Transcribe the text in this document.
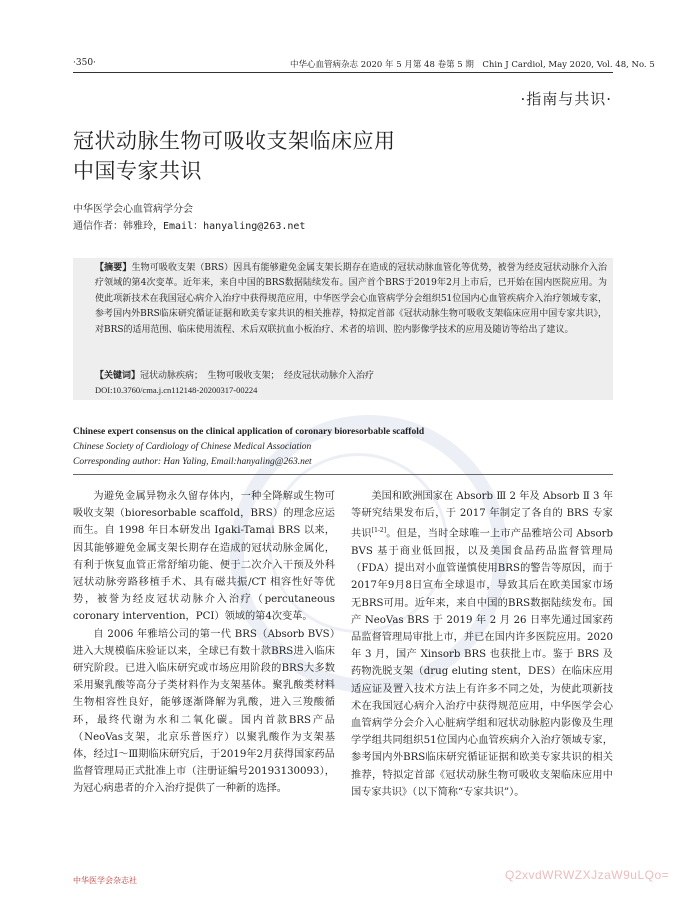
·350·	中华心血管病杂志 2020 年 5 月第 48 卷第 5 期　Chin J Cardiol, May 2020, Vol. 48, No. 5
·指南与共识·
冠状动脉生物可吸收支架临床应用
中国专家共识
中华医学会心血管病学分会
通信作者：韩雅玲，Email：hanyaling@263.net
【摘要】生物可吸收支架（BRS）因具有能够避免金属支架长期存在造成的冠状动脉血管化等优势，被誉为经皮冠状动脉介入治疗领域的第4次变革。近年来，来自中国的BRS数据陆续发布。国产首个BRS于2019年2月上市后，已开始在国内医院应用。为使此项新技术在我国冠心病介入治疗中获得规范应用，中华医学会心血管病学分会组织51位国内心血管疾病介入治疗领域专家，参考国内外BRS临床研究循证证据和欧美专家共识的相关推荐，特拟定首部《冠状动脉生物可吸收支架临床应用中国专家共识》，对BRS的适用范围、临床使用流程、术后双联抗血小板治疗、术者的培训、腔内影像学技术的应用及随访等给出了建议。
【关键词】冠状动脉疾病；　生物可吸收支架；　经皮冠状动脉介入治疗
DOI:10.3760/cma.j.cn112148-20200317-00224
Chinese expert consensus on the clinical application of coronary bioresorbable scaffold
Chinese Society of Cardiology of Chinese Medical Association
Corresponding author: Han Yaling, Email:hanyaling@263.net

为避免金属异物永久留存体内，一种全降解或生物可吸收支架（bioresorbable scaffold，BRS）的理念应运而生。自 1998 年日本研发出 Igaki-Tamai BRS 以来，因其能够避免金属支架长期存在造成的冠状动脉金属化，有利于恢复血管正常舒缩功能、便于二次介入干预及外科冠状动脉旁路移植手术、具有磁共振/CT 相容性好等优势，被誉为经皮冠状动脉介入治疗（percutaneous coronary intervention，PCI）领域的第4次变革。

自 2006 年雅培公司的第一代 BRS（Absorb BVS）进入大规模临床验证以来，全球已有数十款BRS进入临床研究阶段。已进入临床研究或市场应用阶段的BRS大多数采用聚乳酸等高分子类材料作为支架基体。聚乳酸类材料生物相容性良好，能够逐渐降解为乳酸，进入三羧酸循环，最终代谢为水和二氧化碳。国内首款BRS产品（NeoVas支架，北京乐普医疗）以聚乳酸作为支架基体，经过Ⅰ～Ⅲ期临床研究后，于2019年2月获得国家药品监督管理局正式批准上市（注册证编号20193130093），为冠心病患者的介入治疗提供了一种新的选择。

美国和欧洲国家在 Absorb Ⅲ 2 年及 Absorb Ⅱ 3 年等研究结果发布后，于 2017 年制定了各自的 BRS 专家共识[1-2]。但是，当时全球唯一上市产品雅培公司 Absorb BVS 基于商业低回报，以及美国食品药品监督管理局（FDA）提出对小血管谨慎使用BRS的警告等原因，而于2017年9月8日宣布全球退市，导致其后在欧美国家市场无BRS可用。近年来，来自中国的BRS数据陆续发布。国产 NeoVas BRS 于 2019 年 2 月 26 日率先通过国家药品监督管理局审批上市，并已在国内许多医院应用。2020 年 3 月，国产 Xinsorb BRS 也获批上市。鉴于 BRS 及药物洗脱支架（drug eluting stent，DES）在临床应用适应证及置入技术方法上有许多不同之处，为使此项新技术在我国冠心病介入治疗中获得规范应用，中华医学会心血管病学分会介入心脏病学组和冠状动脉腔内影像及生理学学组共同组织51位国内心血管疾病介入治疗领域专家，参考国内外BRS临床研究循证证据和欧美专家共识的相关推荐，特拟定首部《冠状动脉生物可吸收支架临床应用中国专家共识》（以下简称“专家共识”）。

中华医学会杂志社	Q2xvdWRWZXJzaW9uLQo=
